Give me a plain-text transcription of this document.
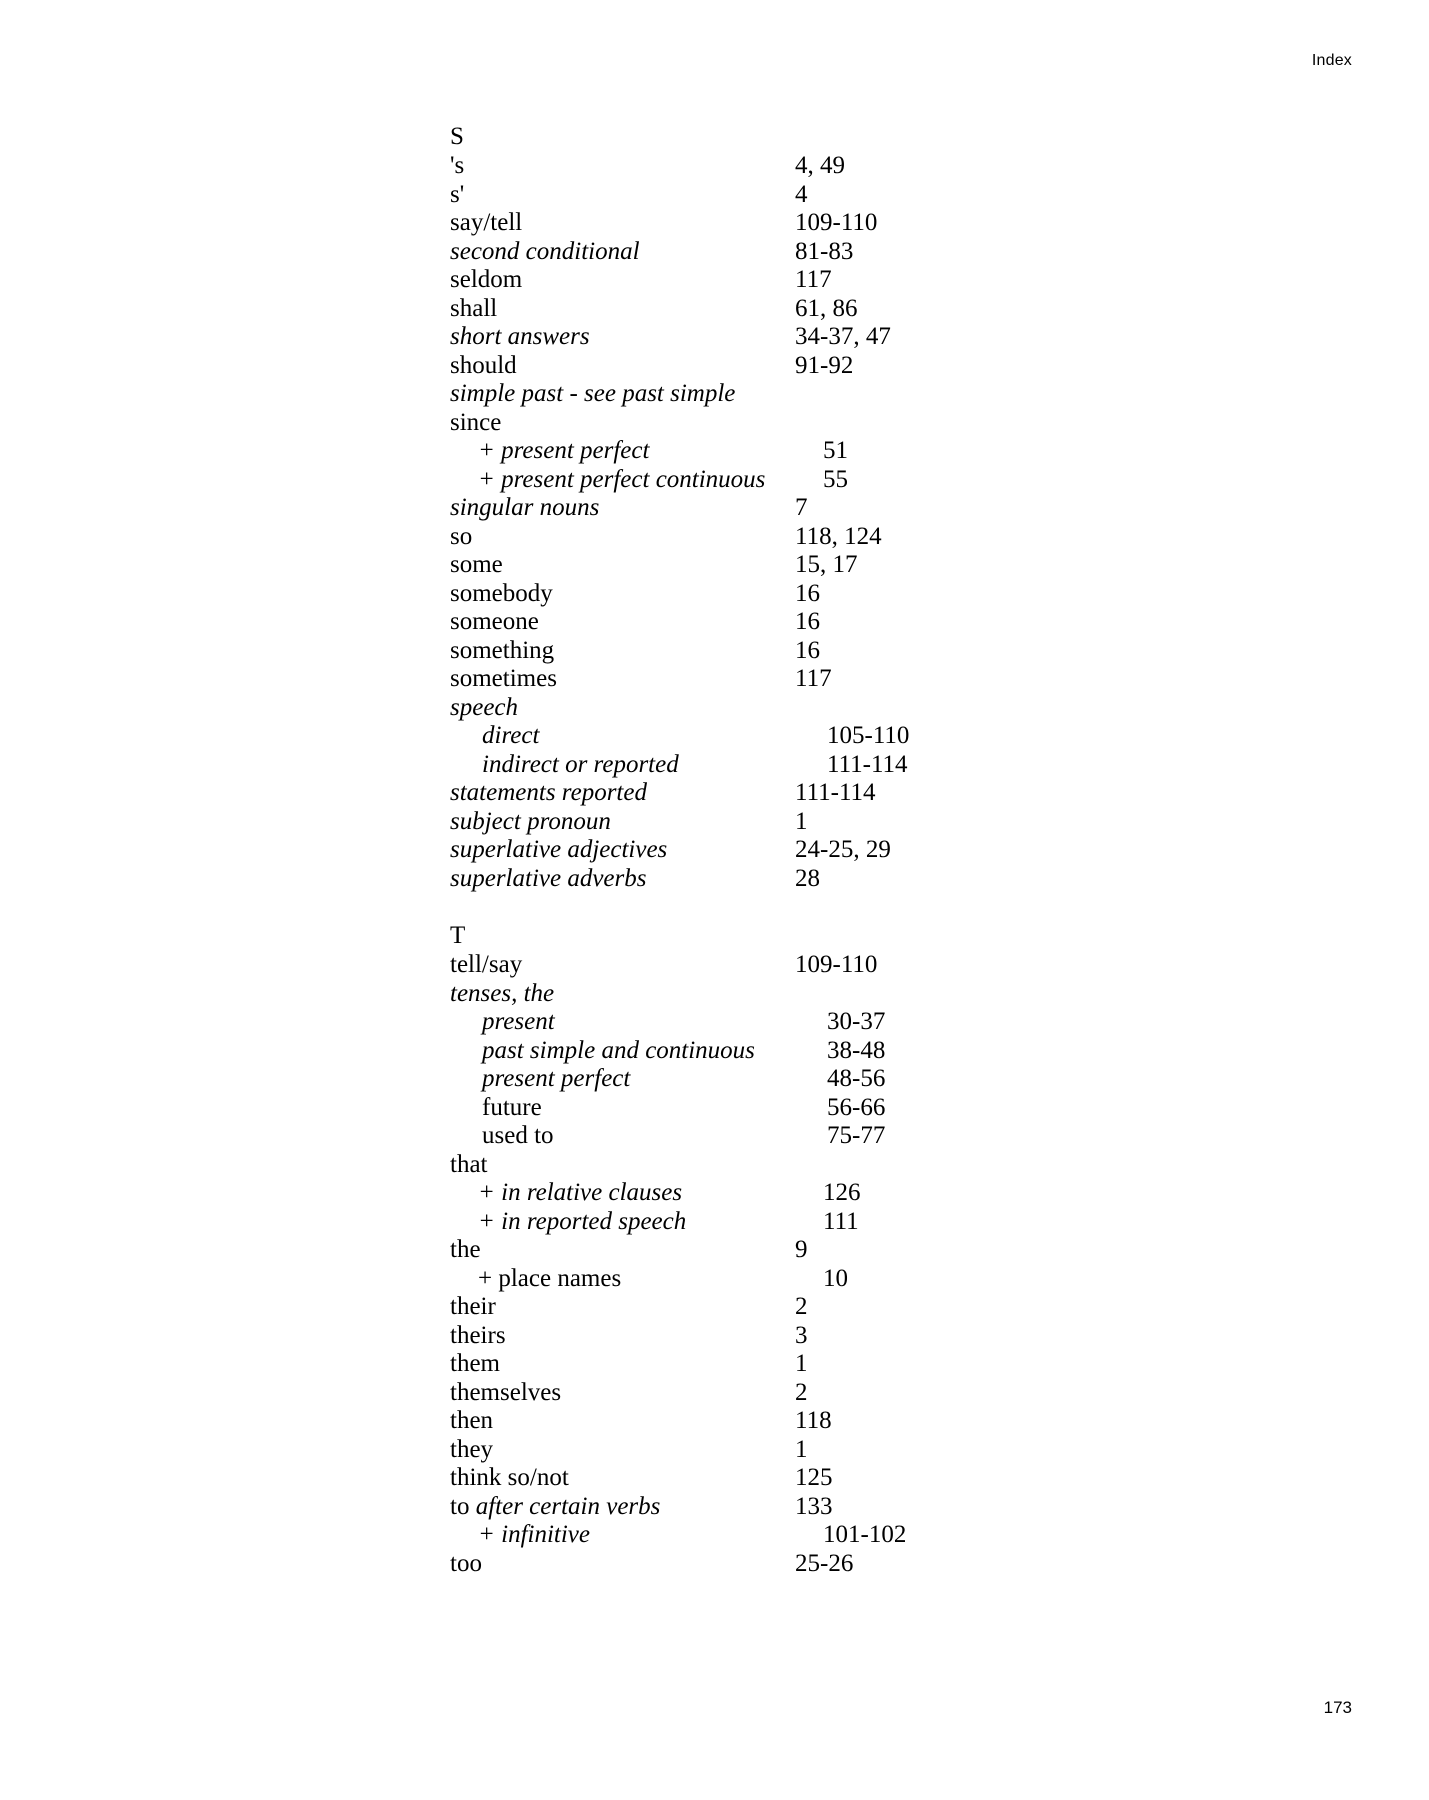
Index
S
's	4, 49
s'	4
say/tell	109-110
second conditional	81-83
seldom	117
shall	61, 86
short answers	34-37, 47
should	91-92
simple past - see past simple
since
+ present perfect	51
+ present perfect continuous	55
singular nouns	7
so	118, 124
some	15, 17
somebody	16
someone	16
something	16
sometimes	117
speech
direct	105-110
indirect or reported	111-114
statements reported	111-114
subject pronoun	1
superlative adjectives	24-25, 29
superlative adverbs	28
T
tell/say	109-110
tenses, the
present	30-37
past simple and continuous	38-48
present perfect	48-56
future	56-66
used to	75-77
that
+ in relative clauses	126
+ in reported speech	111
the	9
+ place names	10
their	2
theirs	3
them	1
themselves	2
then	118
they	1
think so/not	125
to after certain verbs	133
+ infinitive	101-102
too	25-26
173
